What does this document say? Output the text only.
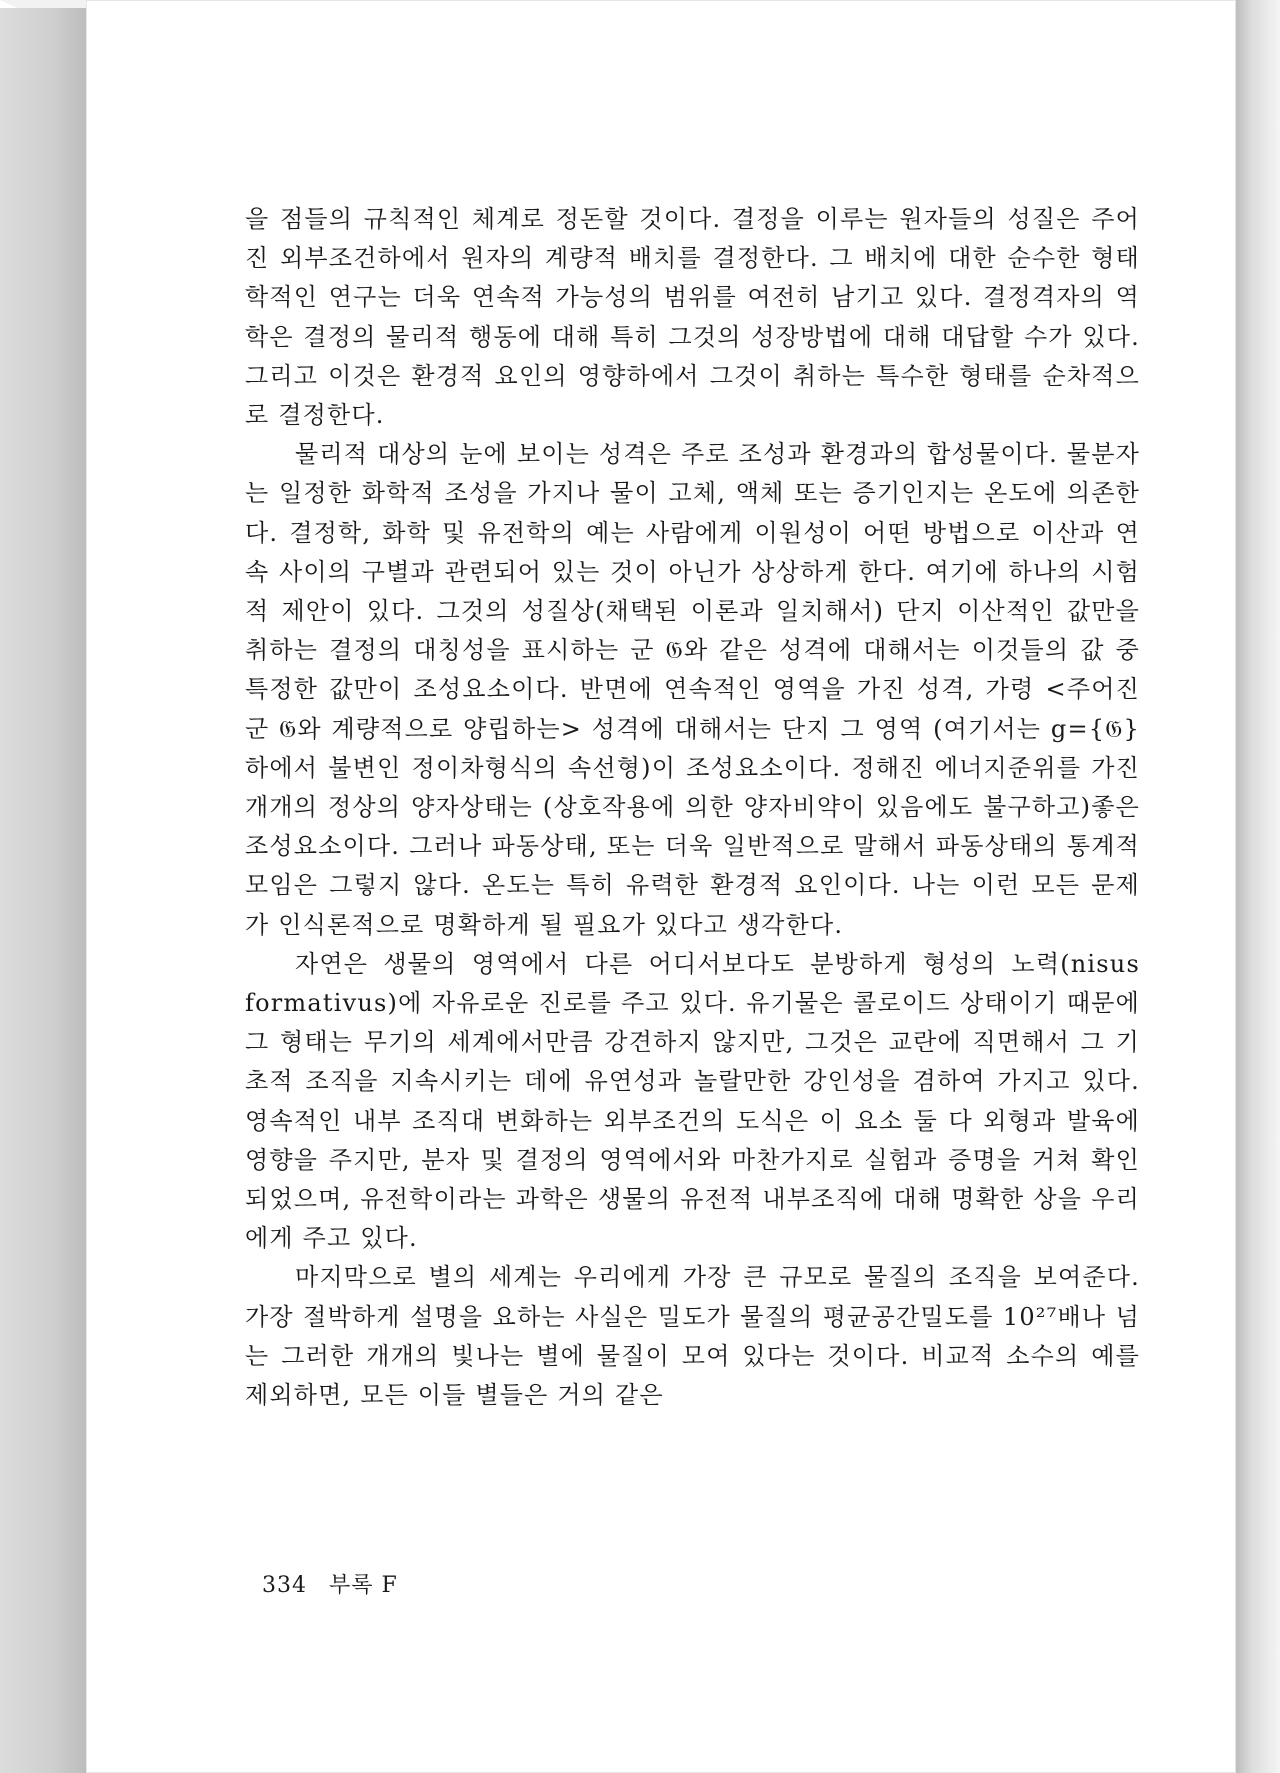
을 점들의 규칙적인 체계로 정돈할 것이다. 결정을 이루는 원자들의 성질은 주어진 외부조건하에서 원자의 계량적 배치를 결정한다. 그 배치에 대한 순수한 형태학적인 연구는 더욱 연속적 가능성의 범위를 여전히 남기고 있다. 결정격자의 역학은 결정의 물리적 행동에 대해 특히 그것의 성장방법에 대해 대답할 수가 있다. 그리고 이것은 환경적 요인의 영향하에서 그것이 취하는 특수한 형태를 순차적으로 결정한다.

물리적 대상의 눈에 보이는 성격은 주로 조성과 환경과의 합성물이다. 물분자는 일정한 화학적 조성을 가지나 물이 고체, 액체 또는 증기인지는 온도에 의존한다. 결정학, 화학 및 유전학의 예는 사람에게 이원성이 어떤 방법으로 이산과 연속 사이의 구별과 관련되어 있는 것이 아닌가 상상하게 한다. 여기에 하나의 시험적 제안이 있다. 그것의 성질상(채택된 이론과 일치해서) 단지 이산적인 값만을 취하는 결정의 대칭성을 표시하는 군 𝔊와 같은 성격에 대해서는 이것들의 값 중 특정한 값만이 조성요소이다. 반면에 연속적인 영역을 가진 성격, 가령 <주어진 군 𝔊와 계량적으로 양립하는> 성격에 대해서는 단지 그 영역 (여기서는 g={𝔊}하에서 불변인 정이차형식의 속선형)이 조성요소이다. 정해진 에너지준위를 가진 개개의 정상의 양자상태는 (상호작용에 의한 양자비약이 있음에도 불구하고)좋은 조성요소이다. 그러나 파동상태, 또는 더욱 일반적으로 말해서 파동상태의 통계적 모임은 그렇지 않다. 온도는 특히 유력한 환경적 요인이다. 나는 이런 모든 문제가 인식론적으로 명확하게 될 필요가 있다고 생각한다.

자연은 생물의 영역에서 다른 어디서보다도 분방하게 형성의 노력(nisus formativus)에 자유로운 진로를 주고 있다. 유기물은 콜로이드 상태이기 때문에 그 형태는 무기의 세계에서만큼 강견하지 않지만, 그것은 교란에 직면해서 그 기초적 조직을 지속시키는 데에 유연성과 놀랄만한 강인성을 겸하여 가지고 있다. 영속적인 내부 조직대 변화하는 외부조건의 도식은 이 요소 둘 다 외형과 발육에 영향을 주지만, 분자 및 결정의 영역에서와 마찬가지로 실험과 증명을 거쳐 확인되었으며, 유전학이라는 과학은 생물의 유전적 내부조직에 대해 명확한 상을 우리에게 주고 있다.

마지막으로 별의 세계는 우리에게 가장 큰 규모로 물질의 조직을 보여준다. 가장 절박하게 설명을 요하는 사실은 밀도가 물질의 평균공간밀도를 10²⁷배나 넘는 그러한 개개의 빛나는 별에 물질이 모여 있다는 것이다. 비교적 소수의 예를 제외하면, 모든 이들 별들은 거의 같은

334 부록 F
